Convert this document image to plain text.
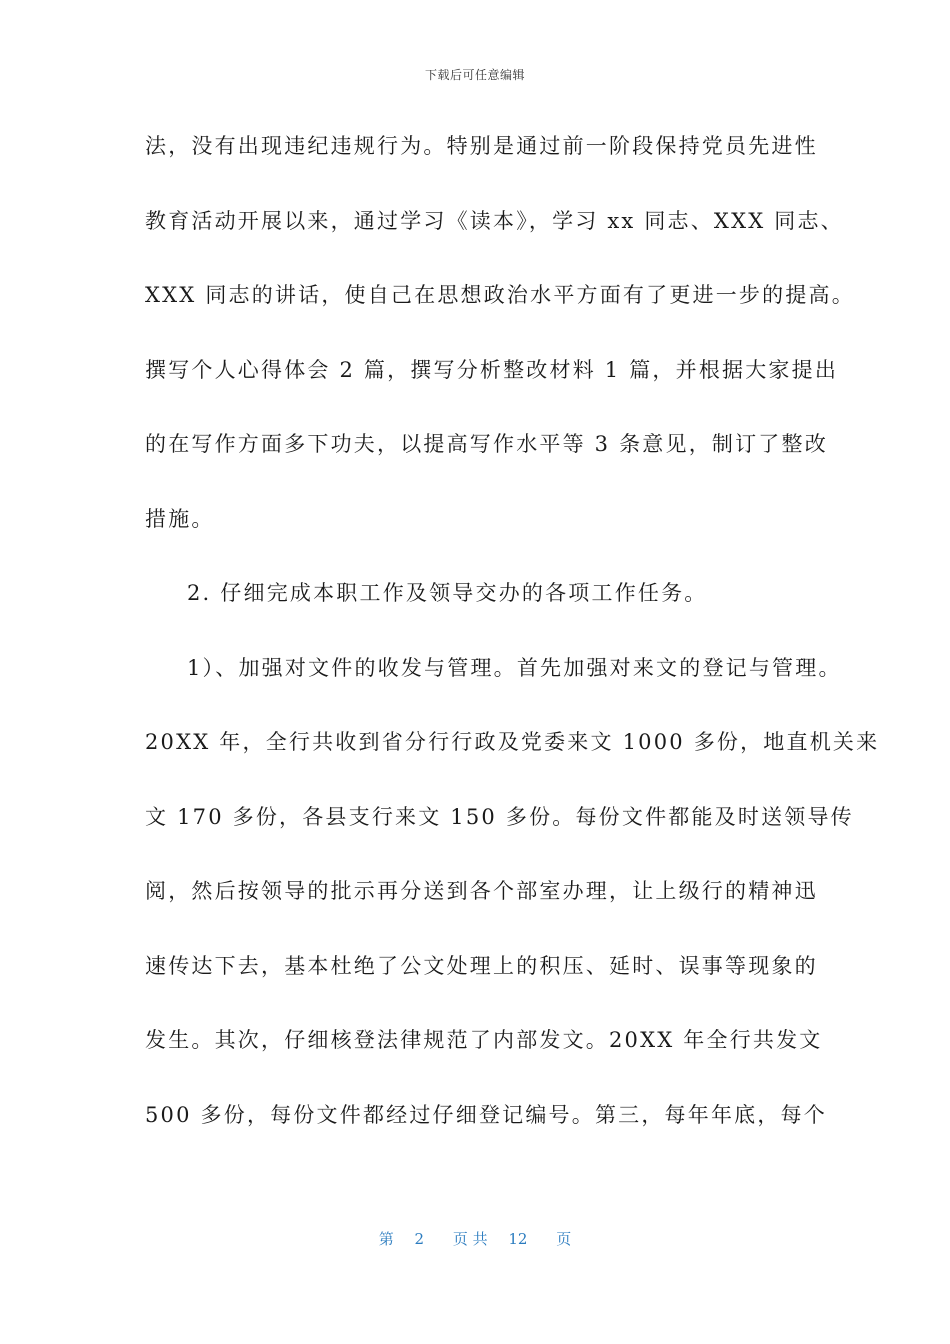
下载后可任意编辑
法，没有出现违纪违规行为。特别是通过前一阶段保持党员先进性
教育活动开展以来，通过学习《读本》，学习 xx 同志、XXX 同志、
XXX 同志的讲话，使自己在思想政治水平方面有了更进一步的提高。
撰写个人心得体会 2 篇，撰写分析整改材料 1 篇，并根据大家提出
的在写作方面多下功夫，以提高写作水平等 3 条意见，制订了整改
措施。
2. 仔细完成本职工作及领导交办的各项工作任务。
1）、加强对文件的收发与管理。首先加强对来文的登记与管理。
20XX 年，全行共收到省分行行政及党委来文 1000 多份，地直机关来
文 170 多份，各县支行来文 150 多份。每份文件都能及时送领导传
阅，然后按领导的批示再分送到各个部室办理，让上级行的精神迅
速传达下去，基本杜绝了公文处理上的积压、延时、误事等现象的
发生。其次，仔细核登法律规范了内部发文。20XX 年全行共发文
500 多份，每份文件都经过仔细登记编号。第三，每年年底，每个
第 2 页 共 12 页
